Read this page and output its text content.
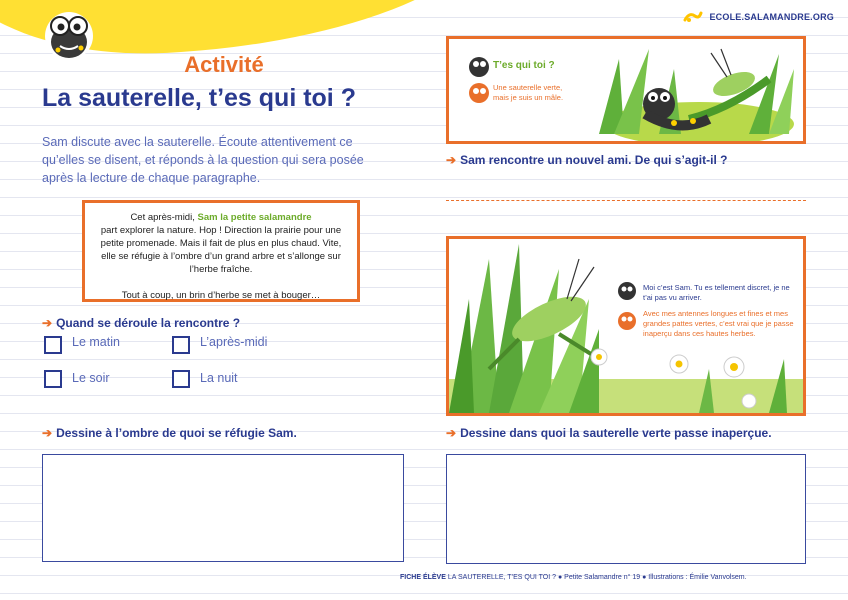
ECOLE.SALAMANDRE.ORG
Activité
La sauterelle, t’es qui toi ?
Sam discute avec la sauterelle. Écoute attentivement ce qu’elles se disent, et réponds à la question qui sera posée après la lecture de chaque paragraphe.
Cet après-midi, Sam la petite salamandre
part explorer la nature. Hop ! Direction la prairie pour une petite promenade. Mais il fait de plus en plus chaud. Vite, elle se réfugie à l’ombre d’un grand arbre et s’allonge sur l’herbe fraîche.

Tout à coup, un brin d’herbe se met à bouger…
➔ Quand se déroule la rencontre ?
Le matin	L’après-midi
Le soir	La nuit
➔ Dessine à l’ombre de quoi se réfugie Sam.
T’es qui toi ?
Une sauterelle verte, mais je suis un mâle.
➔ Sam rencontre un nouvel ami. De qui s’agit-il ?
Moi c’est Sam. Tu es tellement discret, je ne t’ai pas vu arriver.
Avec mes antennes longues et fines et mes grandes pattes vertes, c’est vrai que je passe inaperçu dans ces hautes herbes.
➔ Dessine dans quoi la sauterelle verte passe inaperçue.
FICHE ÉLÈVE LA SAUTERELLE, T’ES QUI TOI ? ● Petite Salamandre n° 19 ● Illustrations : Émilie Vanvolsem.
